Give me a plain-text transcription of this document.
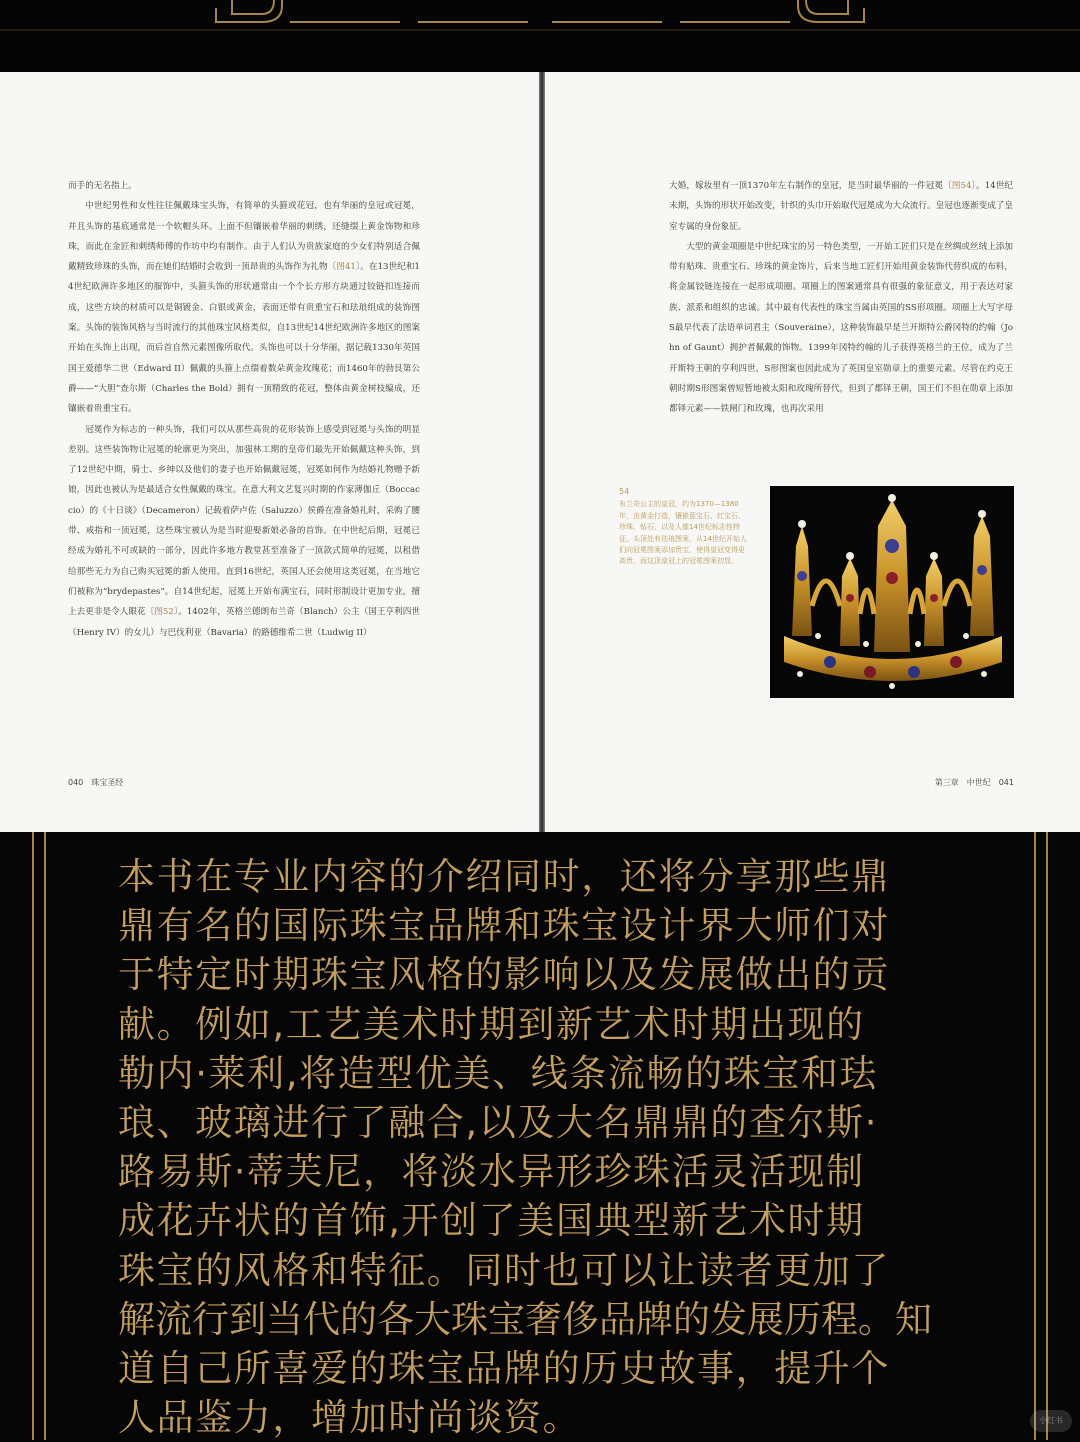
而手的无名指上。

中世纪男性和女性往往佩戴珠宝头饰，有简单的头箍或花冠，也有华丽的皇冠或冠冕，并且头饰的基底通常是一个软帽头环。上面不但镶嵌着华丽的刺绣，还缝缀上黄金饰物和珍珠，而此在金匠和刺绣师傅的作坊中均有制作。由于人们认为贵族家庭的少女们特别适合佩戴精致珍珠的头饰，而在她们结婚时会收到一顶昂贵的头饰作为礼物〔图41〕。在13世纪和14世纪欧洲许多地区的服饰中，头箍头饰的形状通常由一个个长方形方块通过铰链扣连接而成，这些方块的材质可以是铜镀金、白银或黄金，表面还带有贵重宝石和珐琅组成的装饰图案。头饰的装饰风格与当时流行的其他珠宝风格类似，自13世纪14世纪欧洲许多地区的图案开始在头饰上出现，而后首自然元素图像所取代。头饰也可以十分华丽，据记载1330年英国国王爱德华二世（Edward II）佩戴的头箍上点缀着数朵黄金玫瑰花；而1460年的勃艮第公爵——“大胆”查尔斯（Charles the Bold）拥有一顶精致的花冠，整体由黄金树枝编成，还镶嵌着贵重宝石。

冠冕作为标志的一种头饰，我们可以从那些高贵的花形装饰上感受到冠冕与头饰的明显差别。这些装饰物让冠冕的轮廓更为突出，加强林工期的皇帝们最先开始佩戴这种头饰，到了12世纪中期，骑士、乡绅以及他们的妻子也开始佩戴冠冕，冠冕如何作为结婚礼物赠予新娘，因此也被认为是最适合女性佩戴的珠宝。在意大利文艺复兴时期的作家薄伽丘（Boccaccio）的《十日谈》（Decameron）记载着萨卢佐（Saluzzo）侯爵在准备婚礼时，采购了腰带、戒指和一顶冠冕，这些珠宝被认为是当时迎娶新娘必备的首饰。在中世纪后期，冠冕已经成为婚礼不可或缺的一部分，因此许多地方教堂甚至准备了一顶款式简单的冠冕，以租借给那些无力为自己购买冠冕的新人使用。直到16世纪，英国人还会使用这类冠冕，在当地它们被称为“brydepastes”。自14世纪起，冠冕上开始布满宝石，同时形制设计更加专业，擅上去更非是令人眼花〔图52〕。1402年，英格兰德朗布兰奇（Blanch）公主（国王亨利四世（Henry IV）的女儿）与巴伐利亚（Bavaria）的路德维希二世（Ludwig II）

040　珠宝圣经

大婚，嫁妆里有一顶1370年左右制作的皇冠，是当时最华丽的一件冠冕〔图54〕。14世纪末期，头饰的形状开始改变，针织的头巾开始取代冠冕成为大众流行。皇冠也逐渐变成了皇室专属的身份象征。

大型的黄金项圈是中世纪珠宝的另一特色类型，一开始工匠们只是在丝绸或丝绒上添加带有贴珠、贵重宝石、珍珠的黄金饰片，后来当地工匠们开始用黄金装饰代替织成的布料，将金属铰链连接在一起形成项圈。项圈上的图案通常具有很强的象征意义，用于表达对家族、派系和组织的忠诚。其中最有代表性的珠宝当属由英国的SS形项圈。项圈上大写字母S最早代表了法语单词君主（Souveraine），这种装饰最早是兰开斯特公爵冈特的约翰（John of Gaunt）拥护者佩戴的饰物。1399年冈特约翰的儿子获得英格兰的王位，成为了兰开斯特王朝的亨利四世，S形图案也因此成为了英国皇室勋章上的重要元素。尽管在约克王朝时期S形图案曾短暂地被太阳和玫瑰所替代，但到了都铎王朝，国王们不但在勋章上添加都铎元素——铁闸门和玫瑰，也再次采用

54
布兰奇公主的皇冠，约为1370—1380年，由黄金打造，镶嵌蓝宝石、红宝石、珍珠、钻石，以及人像14世纪标志性特征。头顶处有珐琅图案，从14世纪开始人们向冠冕图案添加贵宝，使得皇冠变得更高贵，而这顶皇冠上的冠冕图案初显。
第三章　中世纪　041
本书在专业内容的介绍同时，还将分享那些鼎
鼎有名的国际珠宝品牌和珠宝设计界大师们对
于特定时期珠宝风格的影响以及发展做出的贡
献。例如,工艺美术时期到新艺术时期出现的
勒内·莱利,将造型优美、线条流畅的珠宝和珐
琅、玻璃进行了融合,以及大名鼎鼎的查尔斯·
路易斯·蒂芙尼，将淡水异形珍珠活灵活现制
成花卉状的首饰,开创了美国典型新艺术时期
珠宝的风格和特征。同时也可以让读者更加了
解流行到当代的各大珠宝奢侈品牌的发展历程。知
道自己所喜爱的珠宝品牌的历史故事，提升个
人品鉴力，增加时尚谈资。	小红书
